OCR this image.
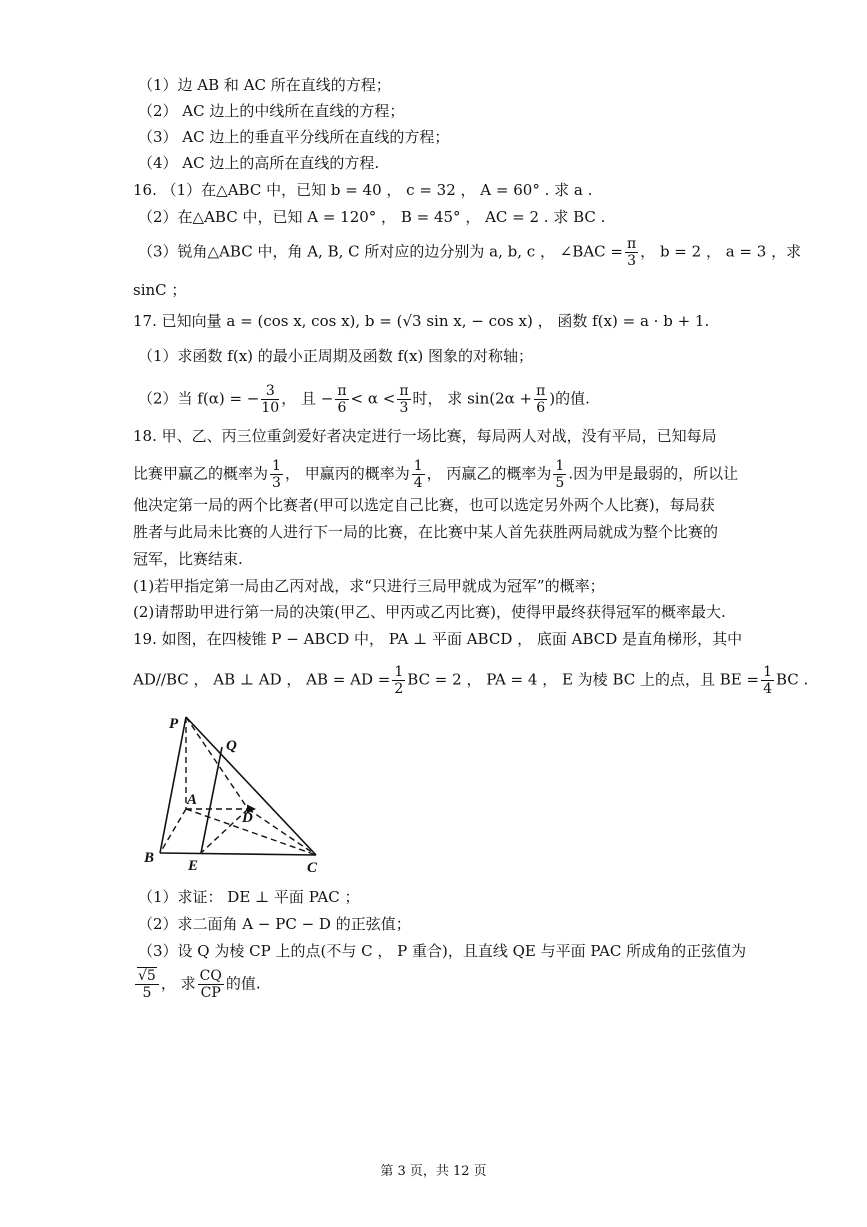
（1）边 AB 和 AC 所在直线的方程；
（2） AC 边上的中线所在直线的方程；
（3） AC 边上的垂直平分线所在直线的方程；
（4） AC 边上的高所在直线的方程.
16. （1）在△ABC 中，已知 b = 40 ， c = 32 ， A = 60° . 求 a .
（2）在△ABC 中，已知 A = 120° ， B = 45° ， AC = 2 . 求 BC .
（3）锐角△ABC 中，角 A, B, C 所对应的边分别为 a, b, c ， ∠BAC = $\frac{\pi}{3}$ ， b = 2 ， a = 3 ，求
sinC ；
17. 已知向量 a = (cos x, cos x), b = (√3 sin x, − cos x) ， 函数 f(x) = a · b + 1.
（1）求函数 f(x) 的最小正周期及函数 f(x) 图象的对称轴；
（2）当 f(α) = − $\frac{3}{10}$ ， 且 − $\frac{\pi}{6} < \alpha < \frac{\pi}{3}$ 时， 求 $\sin(2\alpha + \frac{\pi}{6}$ )的值.
18. 甲、乙、丙三位重剑爱好者决定进行一场比赛，每局两人对战，没有平局，已知每局
比赛甲赢乙的概率为 $\frac{1}{3}$ ， 甲赢丙的概率为 $\frac{1}{4}$ ， 丙赢乙的概率为 $\frac{1}{5}$ .因为甲是最弱的，所以让
他决定第一局的两个比赛者(甲可以选定自己比赛，也可以选定另外两个人比赛)，每局获
胜者与此局未比赛的人进行下一局的比赛，在比赛中某人首先获胜两局就成为整个比赛的
冠军，比赛结束.
(1)若甲指定第一局由乙丙对战，求“只进行三局甲就成为冠军”的概率；
(2)请帮助甲进行第一局的决策(甲乙、甲丙或乙丙比赛)，使得甲最终获得冠军的概率最大.
19. 如图，在四棱锥 P − ABCD 中， PA ⊥ 平面 ABCD ， 底面 ABCD 是直角梯形，其中
AD//BC ， AB ⊥ AD ， AB = AD = $\frac{1}{2}$ BC = 2 ， PA = 4 ， E 为棱 BC 上的点，且 BE = $\frac{1}{4}$ BC .
P
Q
A
D
B E	C
（1）求证： DE ⊥ 平面 PAC ；
（2）求二面角 A − PC − D 的正弦值；
（3）设 Q 为棱 CP 上的点(不与 C ， P 重合)，且直线 QE 与平面 PAC 所成角的正弦值为
$\frac{√5}{5}$ ， 求 $\frac{CQ}{CP}$ 的值.
第 3 页，共 12 页
